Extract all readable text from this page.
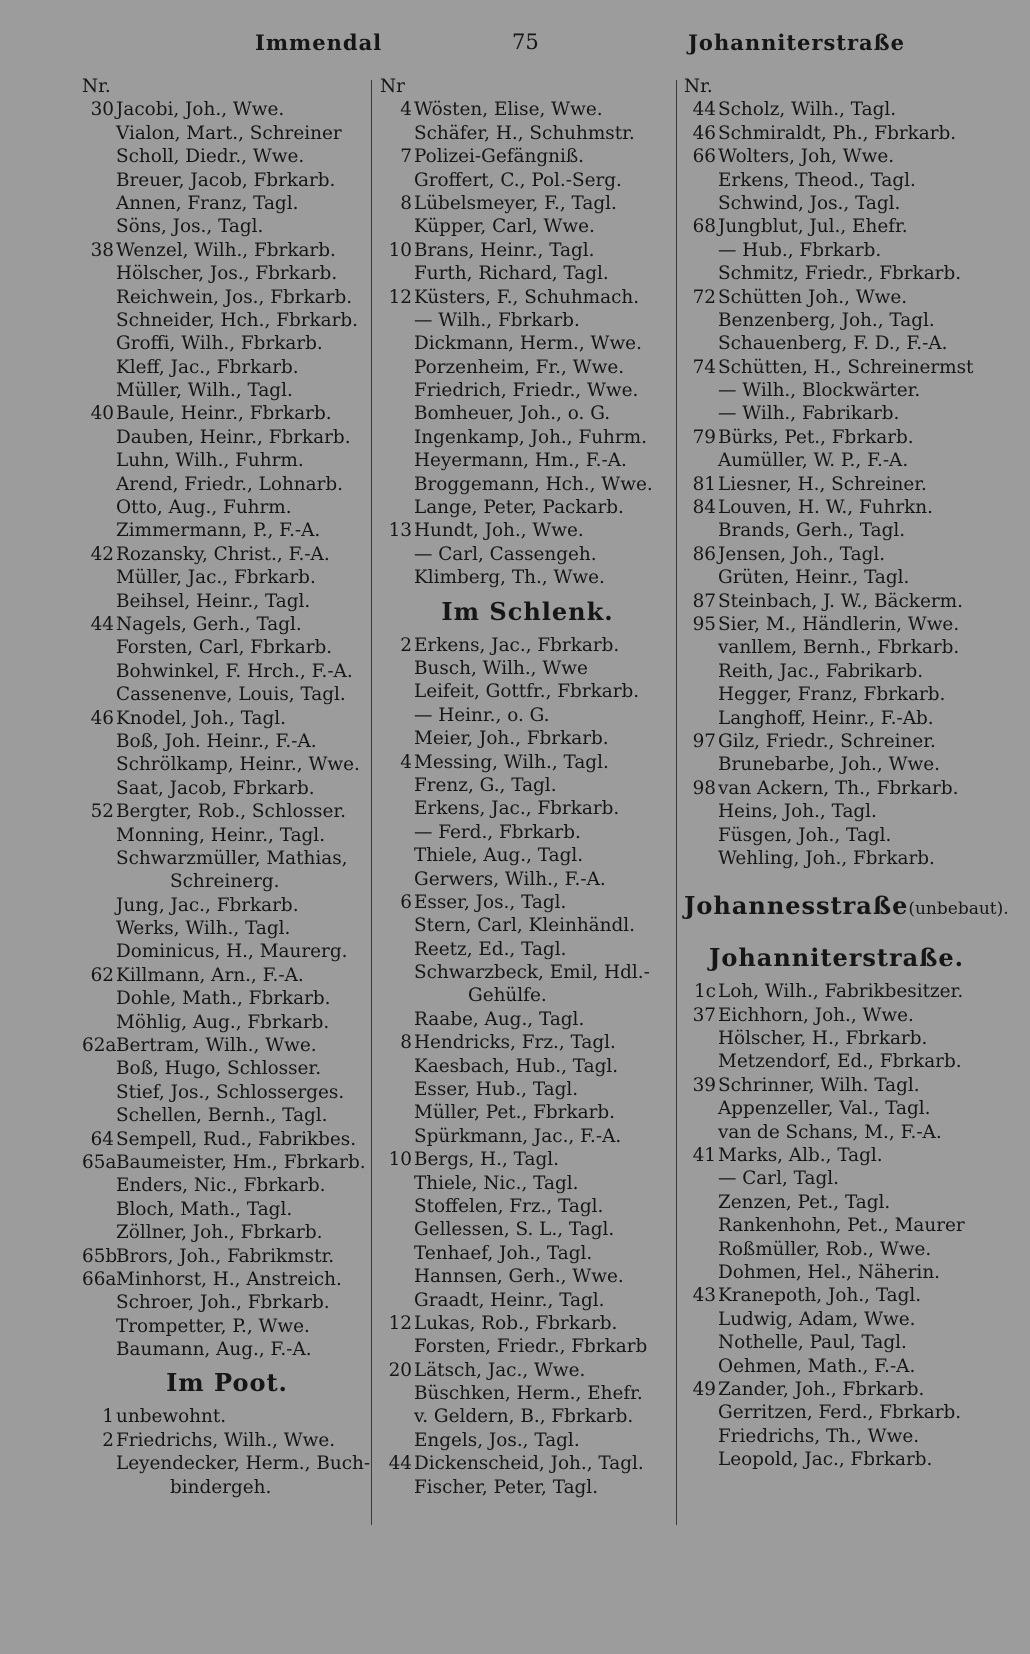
Immendal	75	Johanniterstraße
Nr.
30 Jacobi, Joh., Wwe.
Vialon, Mart., Schreiner
Scholl, Diedr., Wwe.
Breuer, Jacob, Fbrkarb.
Annen, Franz, Tagl.
Söns, Jos., Tagl.
38 Wenzel, Wilh., Fbrkarb.
Hölscher, Jos., Fbrkarb.
Reichwein, Jos., Fbrkarb.
Schneider, Hch., Fbrkarb.
Groffi, Wilh., Fbrkarb.
Kleff, Jac., Fbrkarb.
Müller, Wilh., Tagl.
40 Baule, Heinr., Fbrkarb.
Dauben, Heinr., Fbrkarb.
Luhn, Wilh., Fuhrm.
Arend, Friedr., Lohnarb.
Otto, Aug., Fuhrm.
Zimmermann, P., F.-A.
42 Rozansky, Christ., F.-A.
Müller, Jac., Fbrkarb.
Beihsel, Heinr., Tagl.
44 Nagels, Gerh., Tagl.
Forsten, Carl, Fbrkarb.
Bohwinkel, F. Hrch., F.-A.
Cassenenve, Louis, Tagl.
46 Knodel, Joh., Tagl.
Boß, Joh. Heinr., F.-A.
Schrölkamp, Heinr., Wwe.
Saat, Jacob, Fbrkarb.
52 Bergter, Rob., Schlosser.
Monning, Heinr., Tagl.
Schwarzmüller, Mathias,
Schreinerg.
Jung, Jac., Fbrkarb.
Werks, Wilh., Tagl.
Dominicus, H., Maurerg.
62 Killmann, Arn., F.-A.
Dohle, Math., Fbrkarb.
Möhlig, Aug., Fbrkarb.
62a Bertram, Wilh., Wwe.
Boß, Hugo, Schlosser.
Stief, Jos., Schlosserges.
Schellen, Bernh., Tagl.
64 Sempell, Rud., Fabrikbes.
65a Baumeister, Hm., Fbrkarb.
Enders, Nic., Fbrkarb.
Bloch, Math., Tagl.
Zöllner, Joh., Fbrkarb.
65b
Brors, Joh., Fabrikmstr.
66a Minhorst, H., Anstreich.
Schroer, Joh., Fbrkarb.
Trompetter, P., Wwe.
Baumann, Aug., F.-A.
Im Poot.
1 unbewohnt.
2 Friedrichs, Wilh., Wwe.
Leyendecker, Herm., Buch-
bindergeh.
Nr
4 Wösten, Elise, Wwe.
Schäfer, H., Schuhmstr.
7 Polizei-Gefängniß.
Groffert, C., Pol.-Serg.
8 Lübelsmeyer, F., Tagl.
Küpper, Carl, Wwe.
10 Brans, Heinr., Tagl.
Furth, Richard, Tagl.
12 Küsters, F., Schuhmach.
— Wilh., Fbrkarb.
Dickmann, Herm., Wwe.
Porzenheim, Fr., Wwe.
Friedrich, Friedr., Wwe.
Bomheuer, Joh., o. G.
Ingenkamp, Joh., Fuhrm.
Heyermann, Hm., F.-A.
Broggemann, Hch., Wwe.
Lange, Peter, Packarb.
13 Hundt, Joh., Wwe.
— Carl, Cassengeh.
Klimberg, Th., Wwe.
Im Schlenk.
2 Erkens, Jac., Fbrkarb.
Busch, Wilh., Wwe
Leifeit, Gottfr., Fbrkarb.
— Heinr., o. G.
Meier, Joh., Fbrkarb.
4 Messing, Wilh., Tagl.
Frenz, G., Tagl.
Erkens, Jac., Fbrkarb.
— Ferd., Fbrkarb.
Thiele, Aug., Tagl.
Gerwers, Wilh., F.-A.
6 Esser, Jos., Tagl.
Stern, Carl, Kleinhändl.
Reetz, Ed., Tagl.
Schwarzbeck, Emil, Hdl.-
Gehülfe.
Raabe, Aug., Tagl.
8 Hendricks, Frz., Tagl.
Kaesbach, Hub., Tagl.
Esser, Hub., Tagl.
Müller, Pet., Fbrkarb.
Spürkmann, Jac., F.-A.
10 Bergs, H., Tagl.
Thiele, Nic., Tagl.
Stoffelen, Frz., Tagl.
Gellessen, S. L., Tagl.
Tenhaef, Joh., Tagl.
Hannsen, Gerh., Wwe.
Graadt, Heinr., Tagl.
12 Lukas, Rob., Fbrkarb.
Forsten, Friedr., Fbrkarb
20 Lätsch, Jac., Wwe.
Büschken, Herm., Ehefr.
v. Geldern, B., Fbrkarb.
Engels, Jos., Tagl.
44 Dickenscheid, Joh., Tagl.
Fischer, Peter, Tagl.
Nr.
44 Scholz, Wilh., Tagl.
46 Schmiraldt, Ph., Fbrkarb.
66 Wolters, Joh, Wwe.
Erkens, Theod., Tagl.
Schwind, Jos., Tagl.
68 Jungblut, Jul., Ehefr.
— Hub., Fbrkarb.
Schmitz, Friedr., Fbrkarb.
72 Schütten Joh., Wwe.
Benzenberg, Joh., Tagl.
Schauenberg, F. D., F.-A.
74 Schütten, H., Schreinermst
— Wilh., Blockwärter.
— Wilh., Fabrikarb.
79 Bürks, Pet., Fbrkarb.
Aumüller, W. P., F.-A.
81 Liesner, H., Schreiner.
84 Louven, H. W., Fuhrkn.
Brands, Gerh., Tagl.
86 Jensen, Joh., Tagl.
Grüten, Heinr., Tagl.
87 Steinbach, J. W., Bäckerm.
95 Sier, M., Händlerin, Wwe.
vanllem, Bernh., Fbrkarb.
Reith, Jac., Fabrikarb.
Hegger, Franz, Fbrkarb.
Langhoff, Heinr., F.-Ab.
97 Gilz, Friedr., Schreiner.
Brunebarbe, Joh., Wwe.
98 van Ackern, Th., Fbrkarb.
Heins, Joh., Tagl.
Füsgen, Joh., Tagl.
Wehling, Joh., Fbrkarb.
Johannesstraße(unbebaut).
Johanniterstraße.
1c Loh, Wilh., Fabrikbesitzer.
37 Eichhorn, Joh., Wwe.
Hölscher, H., Fbrkarb.
Metzendorf, Ed., Fbrkarb.
39 Schrinner, Wilh. Tagl.
Appenzeller, Val., Tagl.
van de Schans, M., F.-A.
41 Marks, Alb., Tagl.
— Carl, Tagl.
Zenzen, Pet., Tagl.
Rankenhohn, Pet., Maurer
Roßmüller, Rob., Wwe.
Dohmen, Hel., Näherin.
43 Kranepoth, Joh., Tagl.
Ludwig, Adam, Wwe.
Nothelle, Paul, Tagl.
Oehmen, Math., F.-A.
49 Zander, Joh., Fbrkarb.
Gerritzen, Ferd., Fbrkarb.
Friedrichs, Th., Wwe.
Leopold, Jac., Fbrkarb.
